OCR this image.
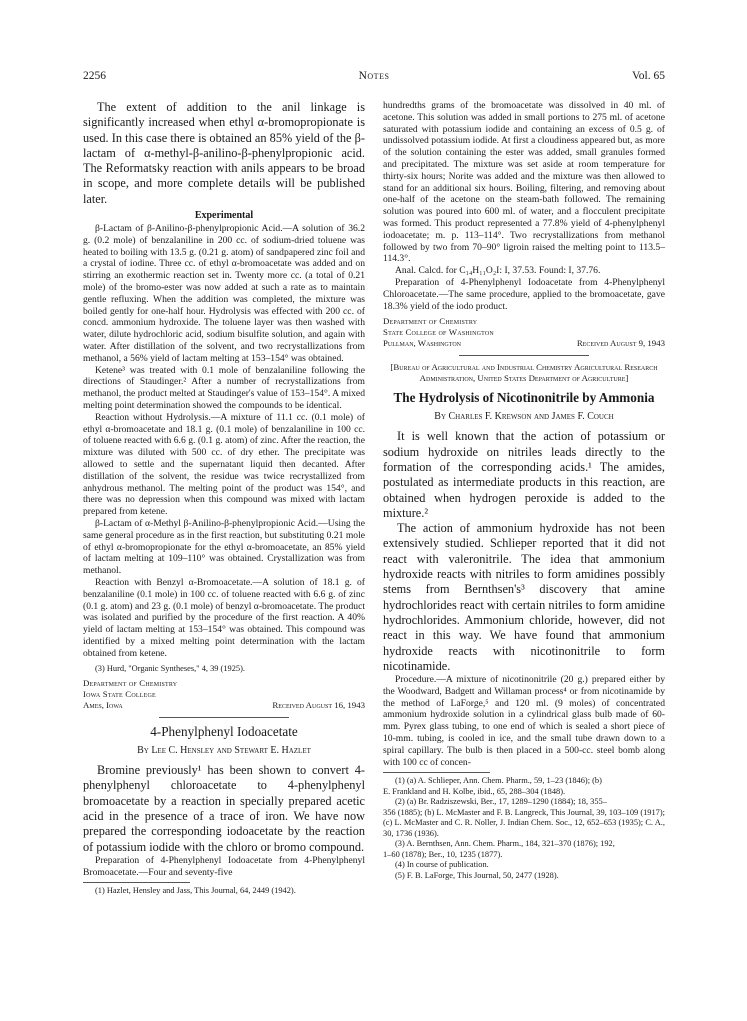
2256	Notes	Vol. 65

The extent of addition to the anil linkage is significantly increased when ethyl α-bromopropionate is used. In this case there is obtained an 85% yield of the β-lactam of α-methyl-β-anilino-β-phenylpropionic acid. The Reformatsky reaction with anils appears to be broad in scope, and more complete details will be published later.

Experimental

β-Lactam of β-Anilino-β-phenylpropionic Acid.—A solution of 36.2 g. (0.2 mole) of benzalaniline in 200 cc. of sodium-dried toluene was heated to boiling with 13.5 g. (0.21 g. atom) of sandpapered zinc foil and a crystal of iodine. Three cc. of ethyl α-bromoacetate was added and on stirring an exothermic reaction set in. Twenty more cc. (a total of 0.21 mole) of the bromo-ester was now added at such a rate as to maintain gentle refluxing. When the addition was completed, the mixture was boiled gently for one-half hour. Hydrolysis was effected with 200 cc. of concd. ammonium hydroxide. The toluene layer was then washed with water, dilute hydrochloric acid, sodium bisulfite solution, and again with water. After distillation of the solvent, and two recrystallizations from methanol, a 56% yield of lactam melting at 153–154° was obtained.

Ketene³ was treated with 0.1 mole of benzalaniline following the directions of Staudinger.² After a number of recrystallizations from methanol, the product melted at Staudinger's value of 153–154°. A mixed melting point determination showed the compounds to be identical.

Reaction without Hydrolysis.—A mixture of 11.1 cc. (0.1 mole) of ethyl α-bromoacetate and 18.1 g. (0.1 mole) of benzalaniline in 100 cc. of toluene reacted with 6.6 g. (0.1 g. atom) of zinc. After the reaction, the mixture was diluted with 500 cc. of dry ether. The precipitate was allowed to settle and the supernatant liquid then decanted. After distillation of the solvent, the residue was twice recrystallized from anhydrous methanol. The melting point of the product was 154°, and there was no depression when this compound was mixed with lactam prepared from ketene.

β-Lactam of α-Methyl β-Anilino-β-phenylpropionic Acid.—Using the same general procedure as in the first reaction, but substituting 0.21 mole of ethyl α-bromopropionate for the ethyl α-bromoacetate, an 85% yield of lactam melting at 109–110° was obtained. Crystallization was from methanol.

Reaction with Benzyl α-Bromoacetate.—A solution of 18.1 g. of benzalaniline (0.1 mole) in 100 cc. of toluene reacted with 6.6 g. of zinc (0.1 g. atom) and 23 g. (0.1 mole) of benzyl α-bromoacetate. The product was isolated and purified by the procedure of the first reaction. A 40% yield of lactam melting at 153–154° was obtained. This compound was identified by a mixed melting point determination with the lactam obtained from ketene.

(3) Hurd, "Organic Syntheses," 4, 39 (1925).

Department of Chemistry
Iowa State College
Ames, Iowa	Received August 16, 1943
4-Phenylphenyl Iodoacetate
By Lee C. Hensley and Stewart E. Hazlet

Bromine previously¹ has been shown to convert 4-phenylphenyl chloroacetate to 4-phenylphenyl bromoacetate by a reaction in specially prepared acetic acid in the presence of a trace of iron. We have now prepared the corresponding iodoacetate by the reaction of potassium iodide with the chloro or bromo compound.

Preparation of 4-Phenylphenyl Iodoacetate from 4-Phenylphenyl Bromoacetate.—Four and seventy-five

(1) Hazlet, Hensley and Jass, This Journal, 64, 2449 (1942).

hundredths grams of the bromoacetate was dissolved in 40 ml. of acetone. This solution was added in small portions to 275 ml. of acetone saturated with potassium iodide and containing an excess of 0.5 g. of undissolved potassium iodide. At first a cloudiness appeared but, as more of the solution containing the ester was added, small granules formed and precipitated. The mixture was set aside at room temperature for thirty-six hours; Norite was added and the mixture was then allowed to stand for an additional six hours. Boiling, filtering, and removing about one-half of the acetone on the steam-bath followed. The remaining solution was poured into 600 ml. of water, and a flocculent precipitate was formed. This product represented a 77.8% yield of 4-phenylphenyl iodoacetate; m. p. 113–114°. Two recrystallizations from methanol followed by two from 70–90° ligroin raised the melting point to 113.5–114.3°.

Anal. Calcd. for C₁₄H₁₁O₂I: I, 37.53. Found: I, 37.76.

Preparation of 4-Phenylphenyl Iodoacetate from 4-Phenylphenyl Chloroacetate.—The same procedure, applied to the bromoacetate, gave 18.3% yield of the iodo product.

Department of Chemistry
State College of Washington
Pullman, Washington	Received August 9, 1943
[Bureau of Agricultural and Industrial Chemistry Agricultural Research Administration, United States Department of Agriculture]
The Hydrolysis of Nicotinonitrile by Ammonia
By Charles F. Krewson and James F. Couch

It is well known that the action of potassium or sodium hydroxide on nitriles leads directly to the formation of the corresponding acids.¹ The amides, postulated as intermediate products in this reaction, are obtained when hydrogen peroxide is added to the mixture.²

The action of ammonium hydroxide has not been extensively studied. Schlieper reported that it did not react with valeronitrile. The idea that ammonium hydroxide reacts with nitriles to form amidines possibly stems from Bernthsen's³ discovery that amine hydrochlorides react with certain nitriles to form amidine hydrochlorides. Ammonium chloride, however, did not react in this way. We have found that ammonium hydroxide reacts with nicotinonitrile to form nicotinamide.

Procedure.—A mixture of nicotinonitrile (20 g.) prepared either by the Woodward, Badgett and Willaman process⁴ or from nicotinamide by the method of LaForge,⁵ and 120 ml. (9 moles) of concentrated ammonium hydroxide solution in a cylindrical glass bulb made of 60-mm. Pyrex glass tubing, to one end of which is sealed a short piece of 10-mm. tubing, is cooled in ice, and the small tube drawn down to a spiral capillary. The bulb is then placed in a 500-cc. steel bomb along with 100 cc of concen-

(1) (a) A. Schlieper, Ann. Chem. Pharm., 59, 1–23 (1846); (b)

E. Frankland and H. Kolbe, ibid., 65, 288–304 (1848).

(2) (a) Br. Radziszewski, Ber., 17, 1289–1290 (1884); 18, 355–

356 (1885); (b) L. McMaster and F. B. Langreck, This Journal, 39, 103–109 (1917); (c) L. McMaster and C. R. Noller, J. Indian Chem. Soc., 12, 652–653 (1935); C. A., 30, 1736 (1936).

(3) A. Bernthsen, Ann. Chem. Pharm., 184, 321–370 (1876); 192,

1–60 (1878); Ber., 10, 1235 (1877).

(4) In course of publication.

(5) F. B. LaForge, This Journal, 50, 2477 (1928).
